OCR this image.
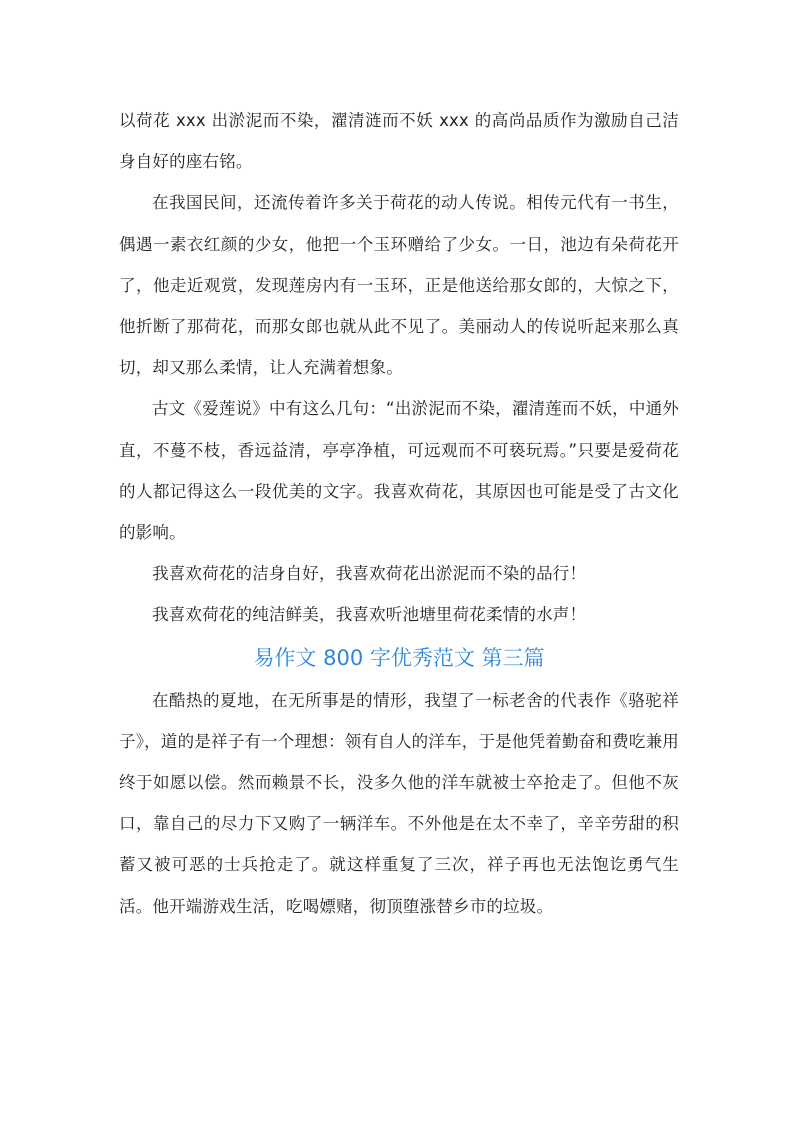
以荷花 xxx 出淤泥而不染，濯清涟而不妖 xxx 的高尚品质作为激励自己洁身自好的座右铭。

在我国民间，还流传着许多关于荷花的动人传说。相传元代有一书生，偶遇一素衣红颜的少女，他把一个玉环赠给了少女。一日，池边有朵荷花开了，他走近观赏，发现莲房内有一玉环，正是他送给那女郎的，大惊之下，他折断了那荷花，而那女郎也就从此不见了。美丽动人的传说听起来那么真切，却又那么柔情，让人充满着想象。

古文《爱莲说》中有这么几句：“出淤泥而不染，濯清莲而不妖，中通外直，不蔓不枝，香远益清，亭亭净植，可远观而不可亵玩焉。”只要是爱荷花的人都记得这么一段优美的文字。我喜欢荷花，其原因也可能是受了古文化的影响。

我喜欢荷花的洁身自好，我喜欢荷花出淤泥而不染的品行！

我喜欢荷花的纯洁鲜美，我喜欢听池塘里荷花柔情的水声！

易作文 800 字优秀范文 第三篇

在酷热的夏地，在无所事是的情形，我望了一标老舍的代表作《骆驼祥子》，道的是祥子有一个理想：领有自人的洋车，于是他凭着勤奋和费吃兼用终于如愿以偿。然而赖景不长，没多久他的洋车就被士卒抢走了。但他不灰口，靠自己的尽力下又购了一辆洋车。不外他是在太不幸了，辛辛劳甜的积蓄又被可恶的士兵抢走了。就这样重复了三次，祥子再也无法饱讫勇气生活。他开端游戏生活，吃喝嫖赌，彻顶堕涨替乡市的垃圾。
